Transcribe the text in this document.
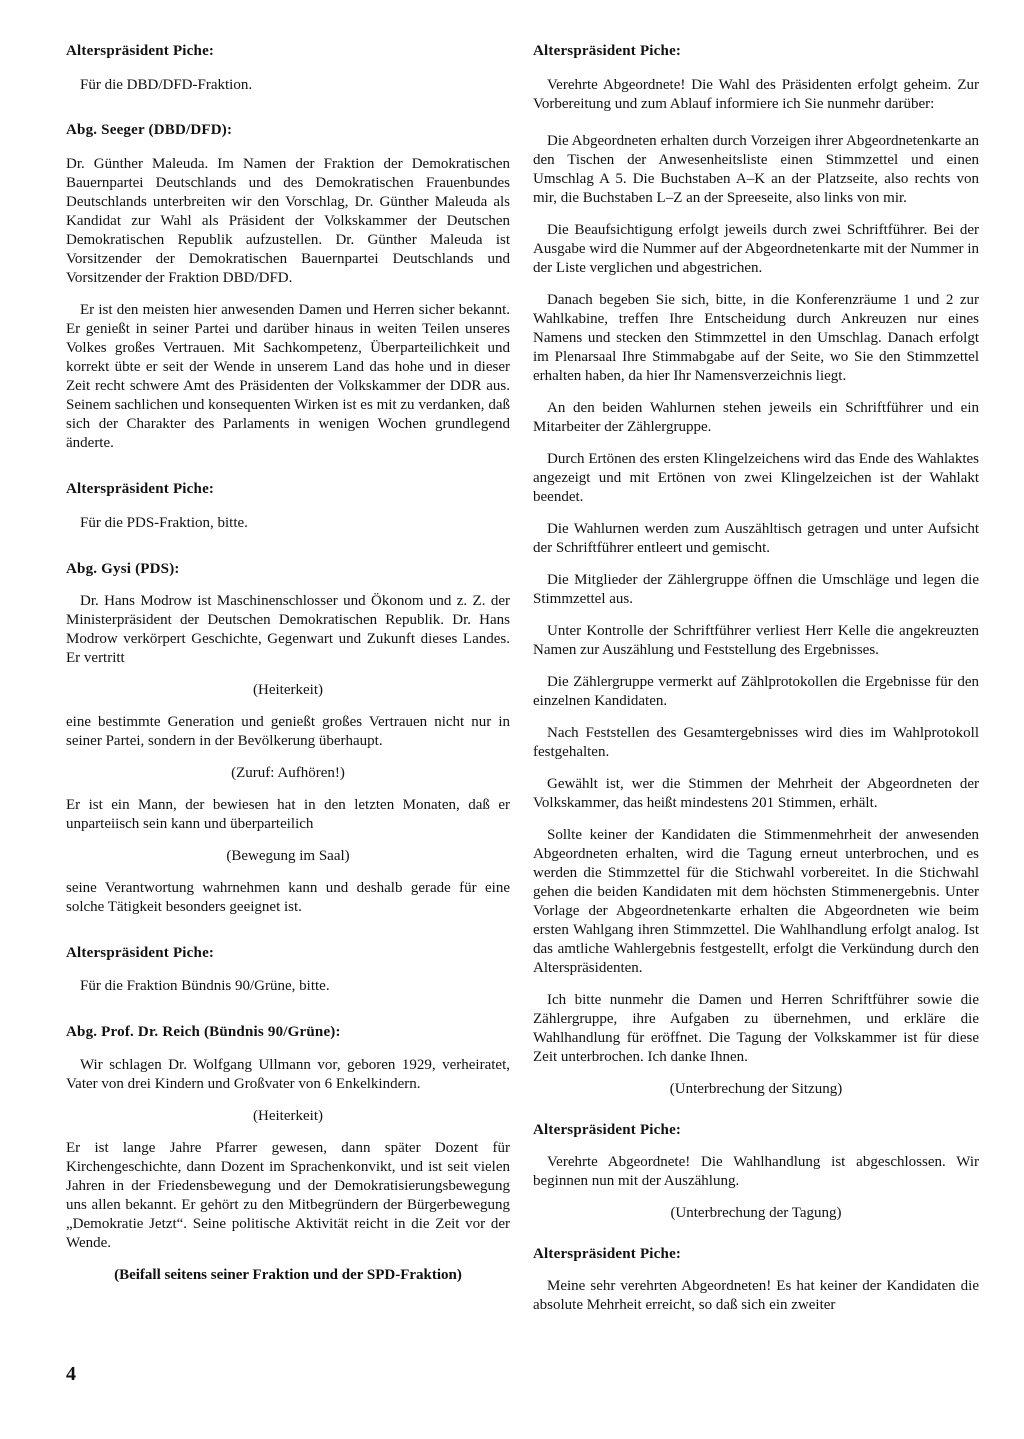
Alterspräsident Piche:

Für die DBD/DFD-Fraktion.

Abg. Seeger (DBD/DFD):

Dr. Günther Maleuda. Im Namen der Fraktion der Demokratischen Bauernpartei Deutschlands und des Demokratischen Frauenbundes Deutschlands unterbreiten wir den Vorschlag, Dr. Günther Maleuda als Kandidat zur Wahl als Präsident der Volkskammer der Deutschen Demokratischen Republik aufzustellen. Dr. Günther Maleuda ist Vorsitzender der Demokratischen Bauernpartei Deutschlands und Vorsitzender der Fraktion DBD/DFD.

Er ist den meisten hier anwesenden Damen und Herren sicher bekannt. Er genießt in seiner Partei und darüber hinaus in weiten Teilen unseres Volkes großes Vertrauen. Mit Sachkompetenz, Überparteilichkeit und korrekt übte er seit der Wende in unserem Land das hohe und in dieser Zeit recht schwere Amt des Präsidenten der Volkskammer der DDR aus. Seinem sachlichen und konsequenten Wirken ist es mit zu verdanken, daß sich der Charakter des Parlaments in wenigen Wochen grundlegend änderte.

Alterspräsident Piche:

Für die PDS-Fraktion, bitte.

Abg. Gysi (PDS):

Dr. Hans Modrow ist Maschinenschlosser und Ökonom und z. Z. der Ministerpräsident der Deutschen Demokratischen Republik. Dr. Hans Modrow verkörpert Geschichte, Gegenwart und Zukunft dieses Landes. Er vertritt

(Heiterkeit)

eine bestimmte Generation und genießt großes Vertrauen nicht nur in seiner Partei, sondern in der Bevölkerung überhaupt.

(Zuruf: Aufhören!)

Er ist ein Mann, der bewiesen hat in den letzten Monaten, daß er unparteiisch sein kann und überparteilich

(Bewegung im Saal)

seine Verantwortung wahrnehmen kann und deshalb gerade für eine solche Tätigkeit besonders geeignet ist.

Alterspräsident Piche:

Für die Fraktion Bündnis 90/Grüne, bitte.

Abg. Prof. Dr. Reich (Bündnis 90/Grüne):

Wir schlagen Dr. Wolfgang Ullmann vor, geboren 1929, verheiratet, Vater von drei Kindern und Großvater von 6 Enkelkindern.

(Heiterkeit)

Er ist lange Jahre Pfarrer gewesen, dann später Dozent für Kirchengeschichte, dann Dozent im Sprachenkonvikt, und ist seit vielen Jahren in der Friedensbewegung und der Demokratisierungsbewegung uns allen bekannt. Er gehört zu den Mitbegründern der Bürgerbewegung „Demokratie Jetzt“. Seine politische Aktivität reicht in die Zeit vor der Wende.

(Beifall seitens seiner Fraktion und der SPD-Fraktion)
Alterspräsident Piche:

Verehrte Abgeordnete! Die Wahl des Präsidenten erfolgt geheim. Zur Vorbereitung und zum Ablauf informiere ich Sie nunmehr darüber:

Die Abgeordneten erhalten durch Vorzeigen ihrer Abgeordnetenkarte an den Tischen der Anwesenheitsliste einen Stimmzettel und einen Umschlag A 5. Die Buchstaben A–K an der Platzseite, also rechts von mir, die Buchstaben L–Z an der Spreeseite, also links von mir.

Die Beaufsichtigung erfolgt jeweils durch zwei Schriftführer. Bei der Ausgabe wird die Nummer auf der Abgeordnetenkarte mit der Nummer in der Liste verglichen und abgestrichen.

Danach begeben Sie sich, bitte, in die Konferenzräume 1 und 2 zur Wahlkabine, treffen Ihre Entscheidung durch Ankreuzen nur eines Namens und stecken den Stimmzettel in den Umschlag. Danach erfolgt im Plenarsaal Ihre Stimmabgabe auf der Seite, wo Sie den Stimmzettel erhalten haben, da hier Ihr Namensverzeichnis liegt.

An den beiden Wahlurnen stehen jeweils ein Schriftführer und ein Mitarbeiter der Zählergruppe.

Durch Ertönen des ersten Klingelzeichens wird das Ende des Wahlaktes angezeigt und mit Ertönen von zwei Klingelzeichen ist der Wahlakt beendet.

Die Wahlurnen werden zum Auszähltisch getragen und unter Aufsicht der Schriftführer entleert und gemischt.

Die Mitglieder der Zählergruppe öffnen die Umschläge und legen die Stimmzettel aus.

Unter Kontrolle der Schriftführer verliest Herr Kelle die angekreuzten Namen zur Auszählung und Feststellung des Ergebnisses.

Die Zählergruppe vermerkt auf Zählprotokollen die Ergebnisse für den einzelnen Kandidaten.

Nach Feststellen des Gesamtergebnisses wird dies im Wahlprotokoll festgehalten.

Gewählt ist, wer die Stimmen der Mehrheit der Abgeordneten der Volkskammer, das heißt mindestens 201 Stimmen, erhält.

Sollte keiner der Kandidaten die Stimmenmehrheit der anwesenden Abgeordneten erhalten, wird die Tagung erneut unterbrochen, und es werden die Stimmzettel für die Stichwahl vorbereitet. In die Stichwahl gehen die beiden Kandidaten mit dem höchsten Stimmenergebnis. Unter Vorlage der Abgeordnetenkarte erhalten die Abgeordneten wie beim ersten Wahlgang ihren Stimmzettel. Die Wahlhandlung erfolgt analog. Ist das amtliche Wahlergebnis festgestellt, erfolgt die Verkündung durch den Alterspräsidenten.

Ich bitte nunmehr die Damen und Herren Schriftführer sowie die Zählergruppe, ihre Aufgaben zu übernehmen, und erkläre die Wahlhandlung für eröffnet. Die Tagung der Volkskammer ist für diese Zeit unterbrochen. Ich danke Ihnen.

(Unterbrechung der Sitzung)
Alterspräsident Piche:

Verehrte Abgeordnete! Die Wahlhandlung ist abgeschlossen. Wir beginnen nun mit der Auszählung.

(Unterbrechung der Tagung)
Alterspräsident Piche:

Meine sehr verehrten Abgeordneten! Es hat keiner der Kandidaten die absolute Mehrheit erreicht, so daß sich ein zweiter

4
